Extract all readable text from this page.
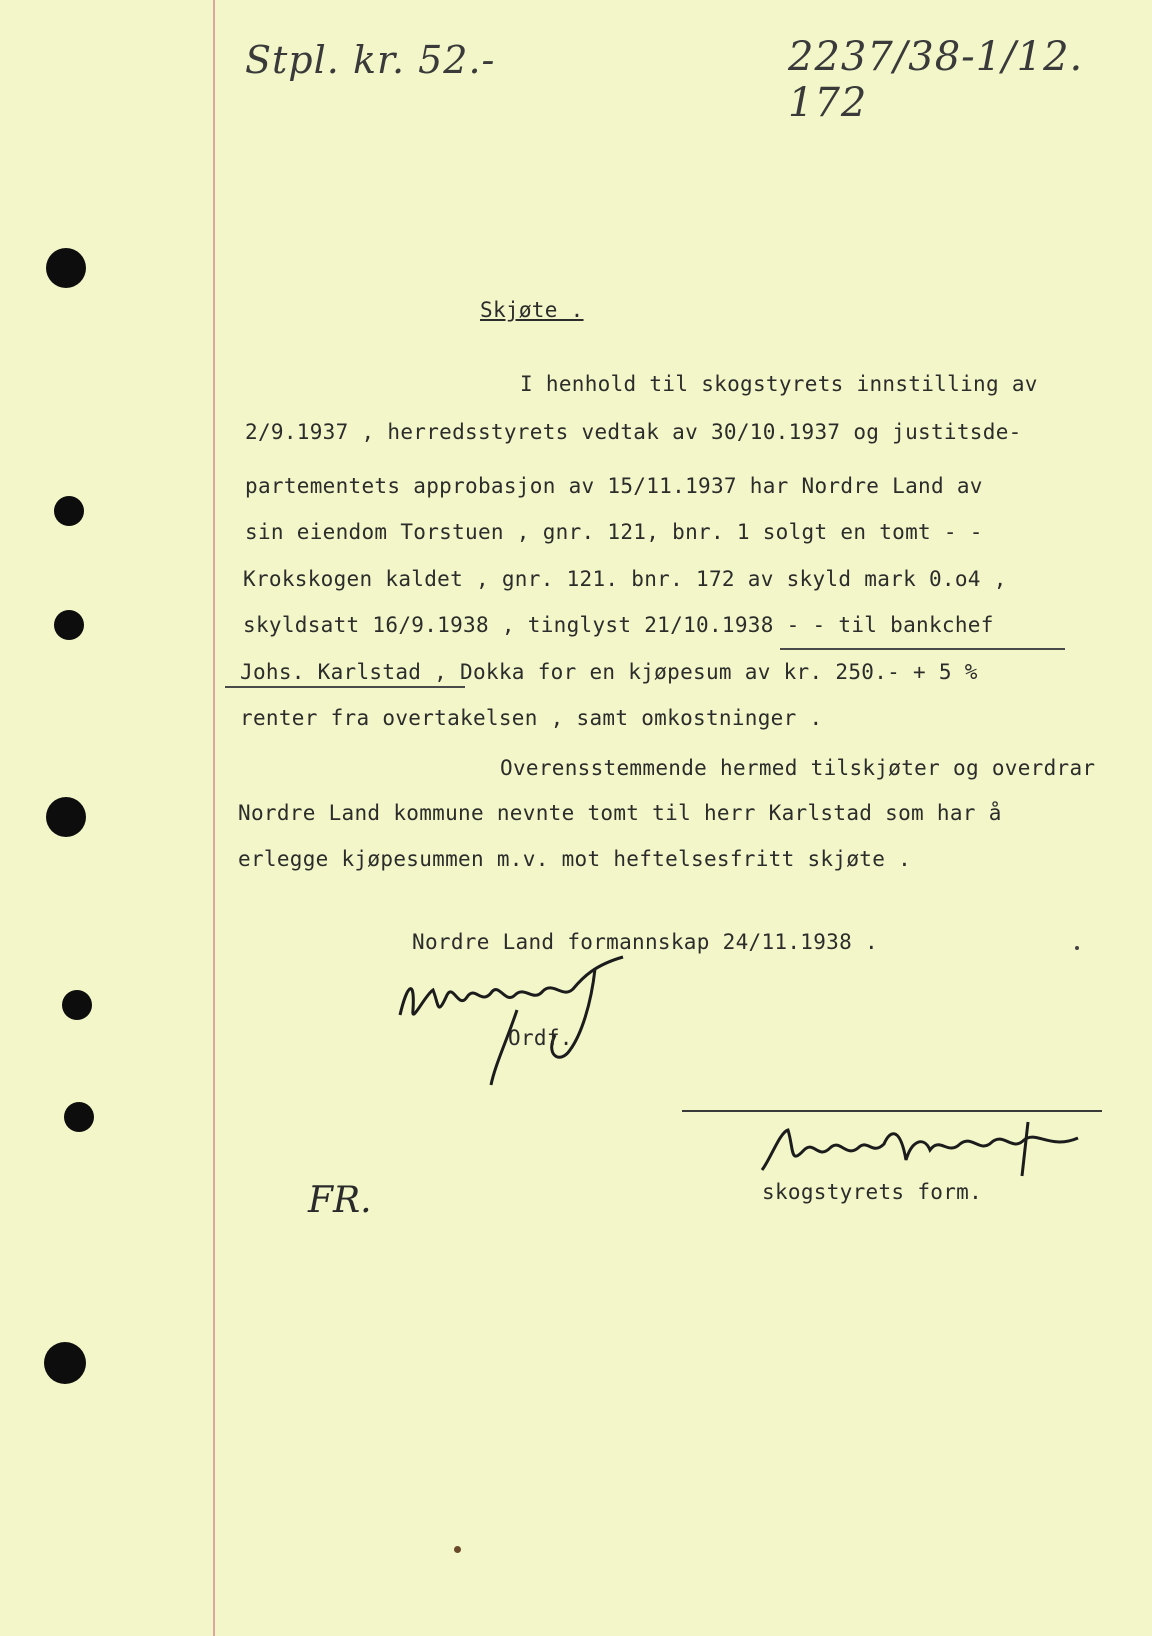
Stpl. kr. 52.-	2237/38-1/12. 172
Skjøte .
I henhold til skogstyrets innstilling av
2/9.1937 , herredsstyrets vedtak av 30/10.1937 og justitsde-
partementets approbasjon av 15/11.1937 har Nordre Land av
sin eiendom Torstuen , gnr. 121, bnr. 1 solgt en tomt - -
Krokskogen kaldet , gnr. 121. bnr. 172 av skyld mark 0.o4 ,
skyldsatt 16/9.1938 , tinglyst 21/10.1938 - - til bankchef
Johs. Karlstad , Dokka for en kjøpesum av kr. 250.- + 5 %
renter fra overtakelsen , samt omkostninger .
Overensstemmende hermed tilskjøter og overdrar
Nordre Land kommune nevnte tomt til herr Karlstad som har å
erlegge kjøpesummen m.v. mot heftelsesfritt skjøte .
Nordre Land formannskap 24/11.1938 .
Ordf.
skogstyrets form.
FR.
